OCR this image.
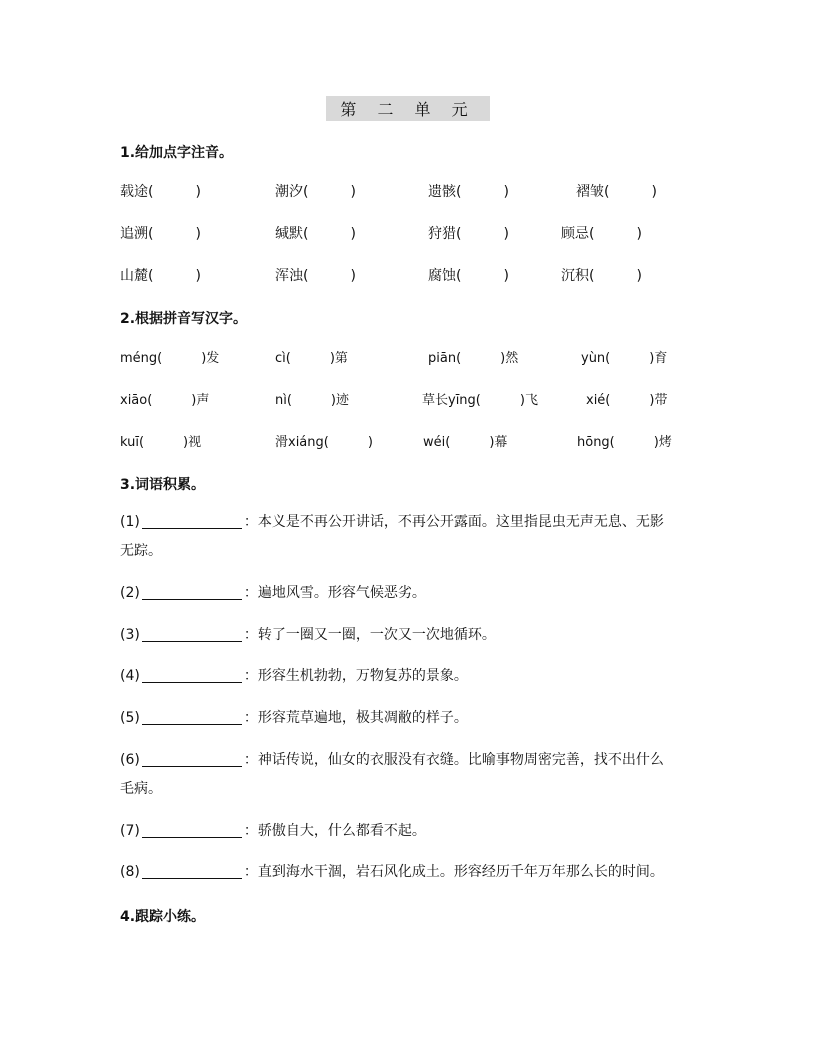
第 二 单 元
1.给加点字注音。
载途(　　　)	潮汐(　　　)	遗骸(　　　)	褶皱(　　　)
追溯(　　　)	缄默(　　　)	狩猎(　　　)	顾忌(　　　)
山麓(　　　)	浑浊(　　　)	腐蚀(　　　)	沉积(　　　)
2.根据拼音写汉字。
méng(　　　)发	cì(　　　)第	piān(　　　)然	yùn(　　　)育
xiāo(　　　)声	nì(　　　)迹	草长yīng(　　　)飞	xié(　　　)带
kuī(　　　)视	滑xiáng(　　　)	wéi(　　　)幕	hōng(　　　)烤
3.词语积累。
(1)	：本义是不再公开讲话，不再公开露面。这里指昆虫无声无息、无影
无踪。
(2)	：遍地风雪。形容气候恶劣。
(3)	：转了一圈又一圈，一次又一次地循环。
(4)	：形容生机勃勃，万物复苏的景象。
(5)	：形容荒草遍地，极其凋敝的样子。
(6)	：神话传说，仙女的衣服没有衣缝。比喻事物周密完善，找不出什么
毛病。
(7)	：骄傲自大，什么都看不起。
(8)	：直到海水干涸，岩石风化成土。形容经历千年万年那么长的时间。
4.跟踪小练。
